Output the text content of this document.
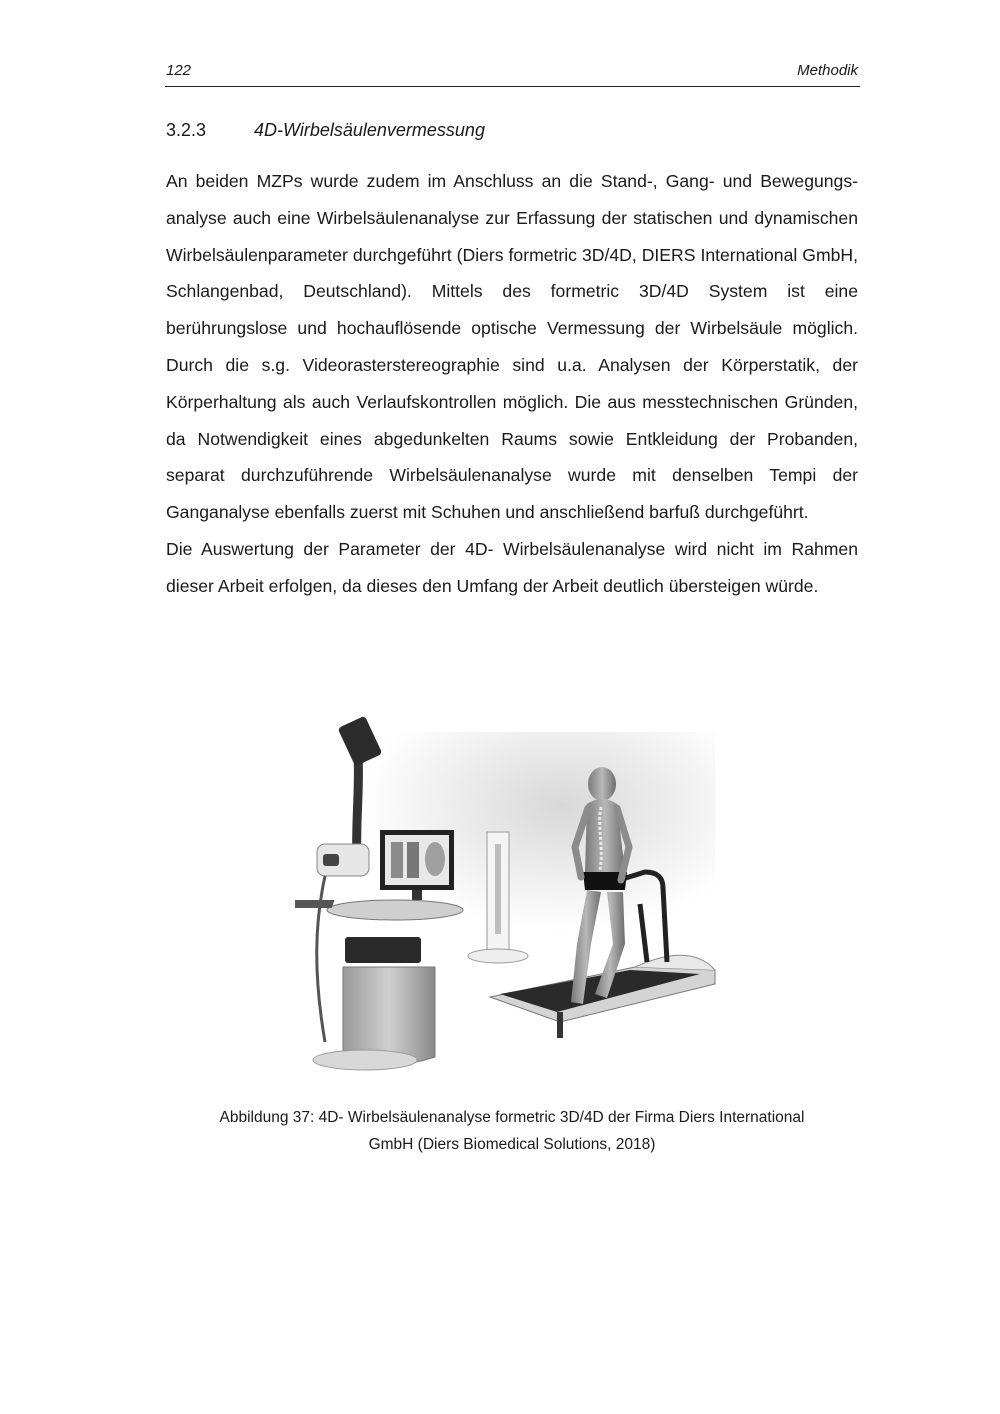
122	Methodik
3.2.3	4D-Wirbelsäulenvermessung

An beiden MZPs wurde zudem im Anschluss an die Stand-, Gang- und Bewegungsanalyse auch eine Wirbelsäulenanalyse zur Erfassung der statischen und dynamischen Wirbelsäulenparameter durchgeführt (Diers formetric 3D/4D, DIERS International GmbH, Schlangenbad, Deutschland). Mittels des formetric 3D/4D System ist eine berührungslose und hochauflösende optische Vermessung der Wirbelsäule möglich. Durch die s.g. Videorasterstereographie sind u.a. Analysen der Körperstatik, der Körperhaltung als auch Verlaufskontrollen möglich. Die aus messtechnischen Gründen, da Notwendigkeit eines abgedunkelten Raums sowie Entkleidung der Probanden, separat durchzuführende Wirbelsäulenanalyse wurde mit denselben Tempi der Ganganalyse ebenfalls zuerst mit Schuhen und anschließend barfuß durchgeführt.

Die Auswertung der Parameter der 4D- Wirbelsäulenanalyse wird nicht im Rahmen dieser Arbeit erfolgen, da dieses den Umfang der Arbeit deutlich übersteigen würde.

Abbildung 37: 4D- Wirbelsäulenanalyse formetric 3D/4D der Firma Diers International
GmbH (Diers Biomedical Solutions, 2018)
